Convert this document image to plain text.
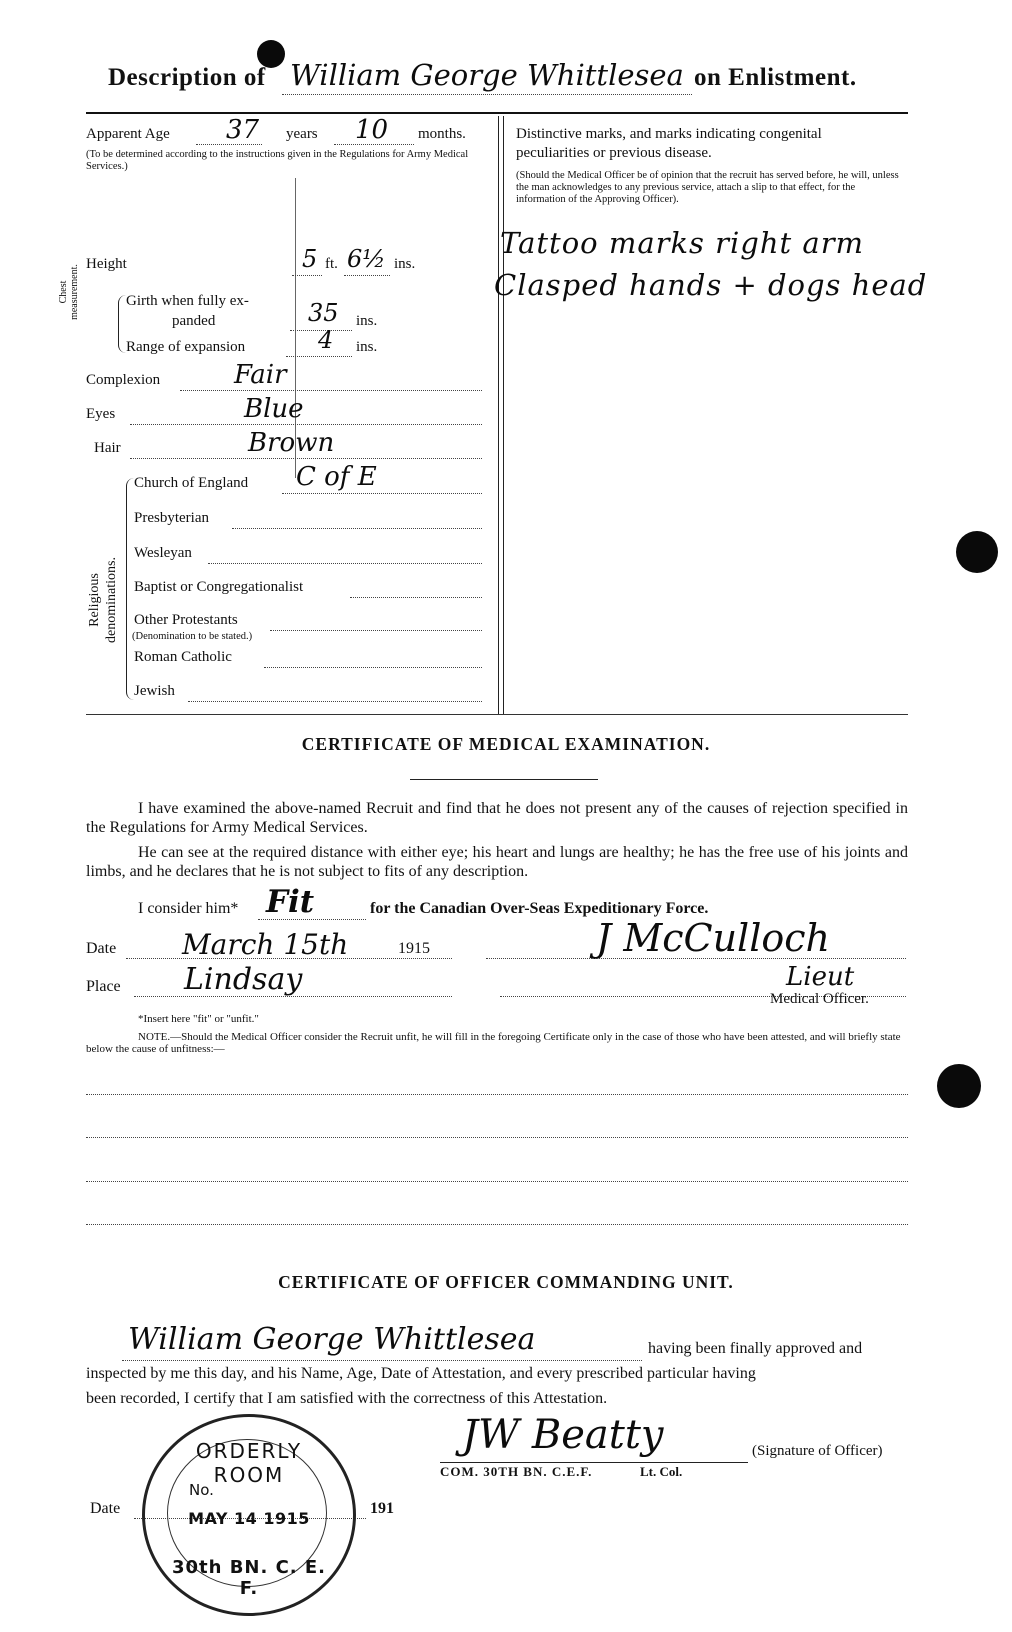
Description of William George Whittlesea on Enlistment.
Apparent Age 37 years 10 months.
(To be determined according to the instructions given in the Regulations for Army Medical Services.)
Height	5 ft. 6½ ins.
Chest measurement.	Girth when fully ex-
panded	35 ins.
Range of expansion	4 ins.
Complexion	Fair
Eyes	Blue
Hair	Brown
Religious denominations.
Church of England C of E
Presbyterian
Wesleyan
Baptist or Congregationalist
Other Protestants
(Denomination to be stated.)
Roman Catholic
Jewish
Distinctive marks, and marks indicating congenital
peculiarities or previous disease.
(Should the Medical Officer be of opinion that the recruit has served before, he will, unless the man acknowledges to any previous service, attach a slip to that effect, for the information of the Approving Officer).
Tattoo marks right arm
Clasped hands + dogs head
CERTIFICATE OF MEDICAL EXAMINATION.
I have examined the above-named Recruit and find that he does not present any of the causes of rejection specified in the Regulations for Army Medical Services.
He can see at the required distance with either eye; his heart and lungs are healthy; he has the free use of his joints and limbs, and he declares that he is not subject to fits of any description.
I consider him* Fit	for the Canadian Over-Seas Expeditionary Force.
Date March 15th	1915	J McCulloch
Place Lindsay	Lieut
Medical Officer.
*Insert here "fit" or "unfit."
NOTE.—Should the Medical Officer consider the Recruit unfit, he will fill in the foregoing Certificate only in the case of those who have been attested, and will briefly state below the cause of unfitness:—
CERTIFICATE OF OFFICER COMMANDING UNIT.
William George Whittlesea	having been finally approved and
inspected by me this day, and his Name, Age, Date of Attestation, and every prescribed particular having
been recorded, I certify that I am satisfied with the correctness of this Attestation.
JW Beatty	(Signature of Officer)
COM. 30TH BN. C.E.F.	Lt. Col.
Date	191
ORDERLY ROOM
No.
MAY 14 1915
30th BN. C. E. F.
